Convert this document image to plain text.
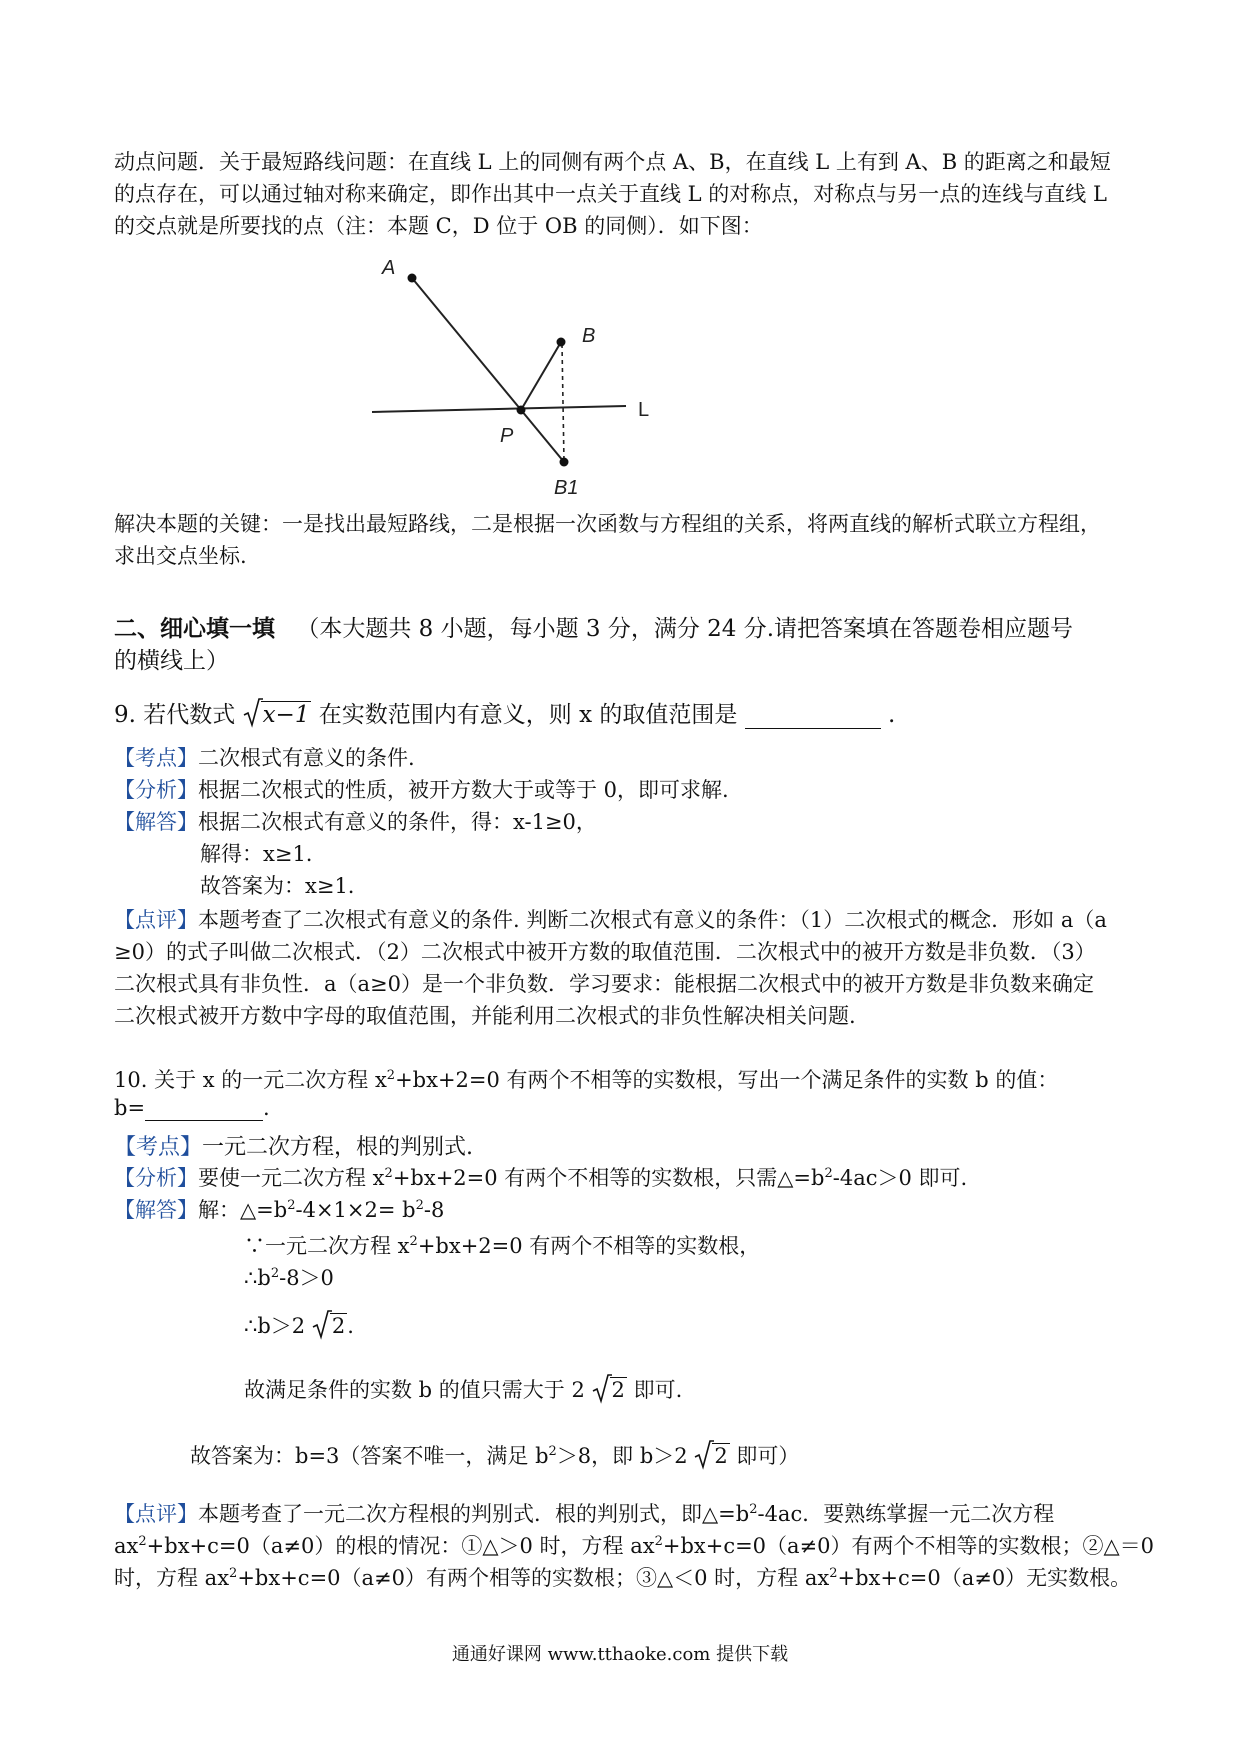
动点问题．关于最短路线问题：在直线 L 上的同侧有两个点 A、B，在直线 L 上有到 A、B 的距离之和最短
的点存在，可以通过轴对称来确定，即作出其中一点关于直线 L 的对称点，对称点与另一点的连线与直线 L
的交点就是所要找的点（注：本题 C，D 位于 OB 的同侧）．如下图：
A
B
L
P
B1
解决本题的关键：一是找出最短路线，二是根据一次函数与方程组的关系，将两直线的解析式联立方程组，
求出交点坐标.
二、细心填一填 （本大题共 8 小题，每小题 3 分，满分 24 分.请把答案填在答题卷相应题号
的横线上）
9. 若代数式 x−1 在实数范围内有意义，则 x 的取值范围是	.
【考点】二次根式有意义的条件.
【分析】根据二次根式的性质，被开方数大于或等于 0，即可求解.
【解答】根据二次根式有意义的条件，得：x-1≥0，
解得：x≥1.
故答案为：x≥1.
【点评】本题考查了二次根式有意义的条件. 判断二次根式有意义的条件：（1）二次根式的概念．形如 a（a
≥0）的式子叫做二次根式．（2）二次根式中被开方数的取值范围．二次根式中的被开方数是非负数．（3）
二次根式具有非负性．a（a≥0）是一个非负数．学习要求：能根据二次根式中的被开方数是非负数来确定
二次根式被开方数中字母的取值范围，并能利用二次根式的非负性解决相关问题.
10. 关于 x 的一元二次方程 $x^2+bx+2=0$ 有两个不相等的实数根，写出一个满足条件的实数 b 的值：
b=	.
【考点】一元二次方程，根的判别式.
【分析】要使一元二次方程 $x^2+bx+2=0$ 有两个不相等的实数根，只需$\triangle=b^2-4ac>0$ 即可.
【解答】解：$\triangle=b^2-4\times 1\times 2= b^2-8$
∵一元二次方程 $x^2+bx+2=0$ 有两个不相等的实数根，
$\therefore b^2-8>0$
∴b＞2 2.
故满足条件的实数 b 的值只需大于 2 2 即可.
故答案为：b=3（答案不唯一，满足 $b^2>8$，即 b＞2 2 即可）
【点评】本题考查了一元二次方程根的判别式．根的判别式，即$\triangle=b^2-4ac$．要熟练掌握一元二次方程
$ax^2+bx+c=0(a\ne 0)$的根的情况：①△＞0 时，方程 $ax^2+bx+c=0(a\ne 0)$有两个不相等的实数根；②△＝0
时，方程 $ax^2+bx+c=0(a\ne 0)$有两个相等的实数根；③△＜0 时，方程 $ax^2+bx+c=0(a\ne 0)$无实数根。
通通好课网 www.tthaoke.com 提供下载
